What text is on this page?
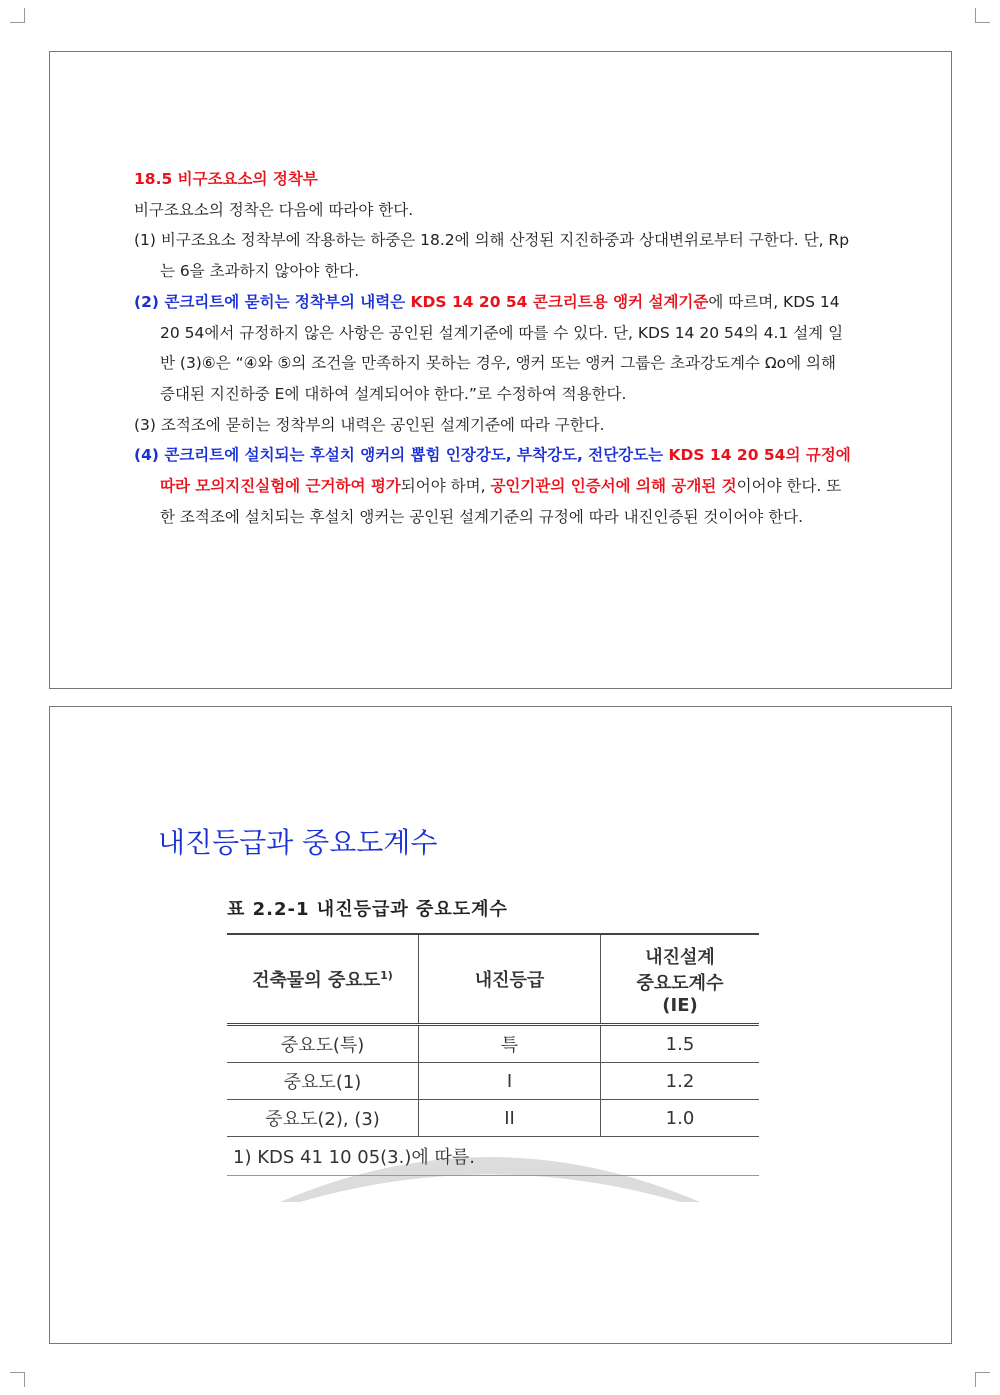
18.5 비구조요소의 정착부

비구조요소의 정착은 다음에 따라야 한다.

(1) 비구조요소 정착부에 작용하는 하중은 18.2에 의해 산정된 지진하중과 상대변위로부터 구한다. 단, Rp는 6을 초과하지 않아야 한다.

(2) 콘크리트에 묻히는 정착부의 내력은 KDS 14 20 54 콘크리트용 앵커 설계기준에 따르며, KDS 14 20 54에서 규정하지 않은 사항은 공인된 설계기준에 따를 수 있다. 단, KDS 14 20 54의 4.1 설계 일반 (3)⑥은 “④와 ⑤의 조건을 만족하지 못하는 경우, 앵커 또는 앵커 그룹은 초과강도계수 Ωo에 의해 증대된 지진하중 E에 대하여 설계되어야 한다.”로 수정하여 적용한다.

(3) 조적조에 묻히는 정착부의 내력은 공인된 설계기준에 따라 구한다.

(4) 콘크리트에 설치되는 후설치 앵커의 뽑힘 인장강도, 부착강도, 전단강도는 KDS 14 20 54의 규정에 따라 모의지진실험에 근거하여 평가되어야 하며, 공인기관의 인증서에 의해 공개된 것이어야 한다. 또한 조적조에 설치되는 후설치 앵커는 공인된 설계기준의 규정에 따라 내진인증된 것이어야 한다.

내진등급과 중요도계수

표 2.2-1 내진등급과 중요도계수

건축물의 중요도$^{1)}$	내진등급	내진설계
중요도계수
(IE)

중요도(특)	특	1.5
중요도(1)	I	1.2
중요도(2), (3)	II	1.0
1) KDS 41 10 05(3.)에 따름.		
